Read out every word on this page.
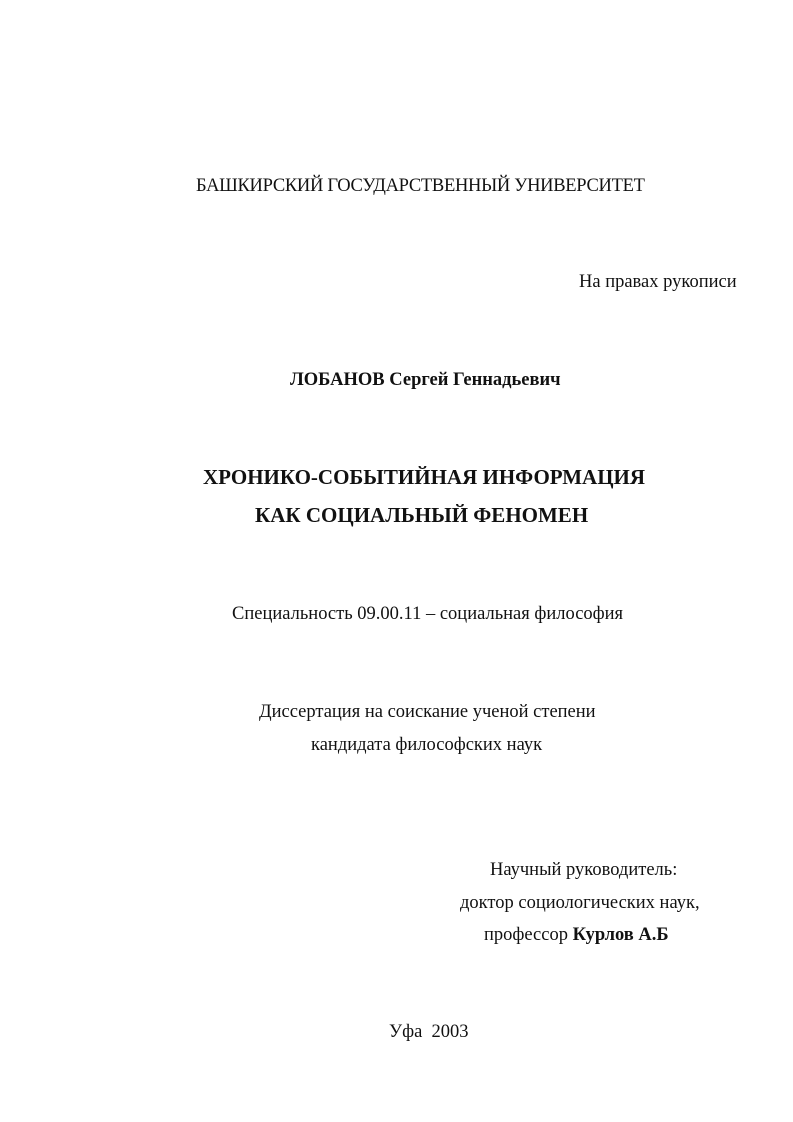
БАШКИРСКИЙ ГОСУДАРСТВЕННЫЙ УНИВЕРСИТЕТ
На правах рукописи
ЛОБАНОВ Сергей Геннадьевич
ХРОНИКО-СОБЫТИЙНАЯ ИНФОРМАЦИЯ
КАК СОЦИАЛЬНЫЙ ФЕНОМЕН
Специальность 09.00.11 – социальная философия
Диссертация на соискание ученой степени
кандидата философских наук
Научный руководитель:
доктор социологических наук,
профессор Курлов А.Б
Уфа  2003
